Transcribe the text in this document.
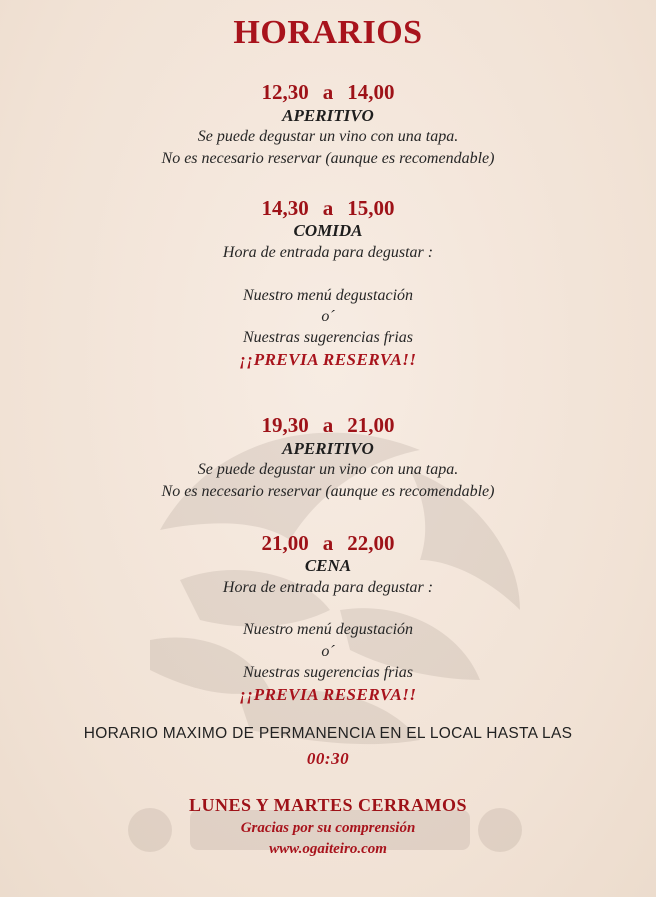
HORARIOS
12,30 a 14,00
APERITIVO
Se puede degustar un vino con una tapa.
No es necesario reservar (aunque es recomendable)
14,30 a 15,00
COMIDA
Hora de entrada para degustar :
Nuestro menú degustación
o´
Nuestras sugerencias frias
¡¡PREVIA RESERVA!!
19,30 a 21,00
APERITIVO
Se puede degustar un vino con una tapa.
No es necesario reservar (aunque es recomendable)
21,00 a 22,00
CENA
Hora de entrada para degustar :
Nuestro menú degustación
o´
Nuestras sugerencias frias
¡¡PREVIA RESERVA!!
HORARIO MAXIMO DE PERMANENCIA EN EL LOCAL HASTA LAS
00:30
LUNES Y MARTES CERRAMOS
Gracias por su comprensión
www.ogaiteiro.com
